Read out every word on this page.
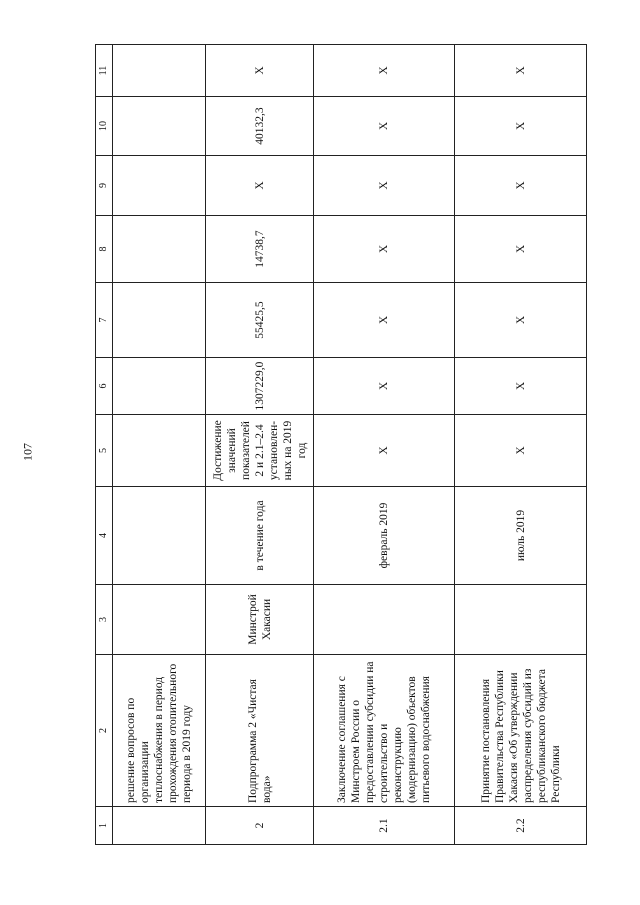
107
1	2	3	4	5	6	7	8	9	10	11
	решение вопросов по организации теплоснабжения в период прохождения отопительного периода в 2019 году									
2	Подпрограмма 2 «Чистая вода»	Минстрой Хакасии	в течение года	Достижение значений показателей 2 и 2.1–2.4 установлен-ных на 2019 год	1307229,0	55425,5	14738,7	X	40132,3	X
2.1	Заключение соглашения с Минстроем России о предоставлении субсидии на строительство и реконструкцию (модернизацию) объектов питьевого водоснабжения		февраль 2019	X	X	X	X	X	X	X
2.2	Принятие постановления Правительства Республики Хакасия «Об утверждении распределения субсидий из республиканского бюджета Республики		июль 2019	X	X	X	X	X	X	X
